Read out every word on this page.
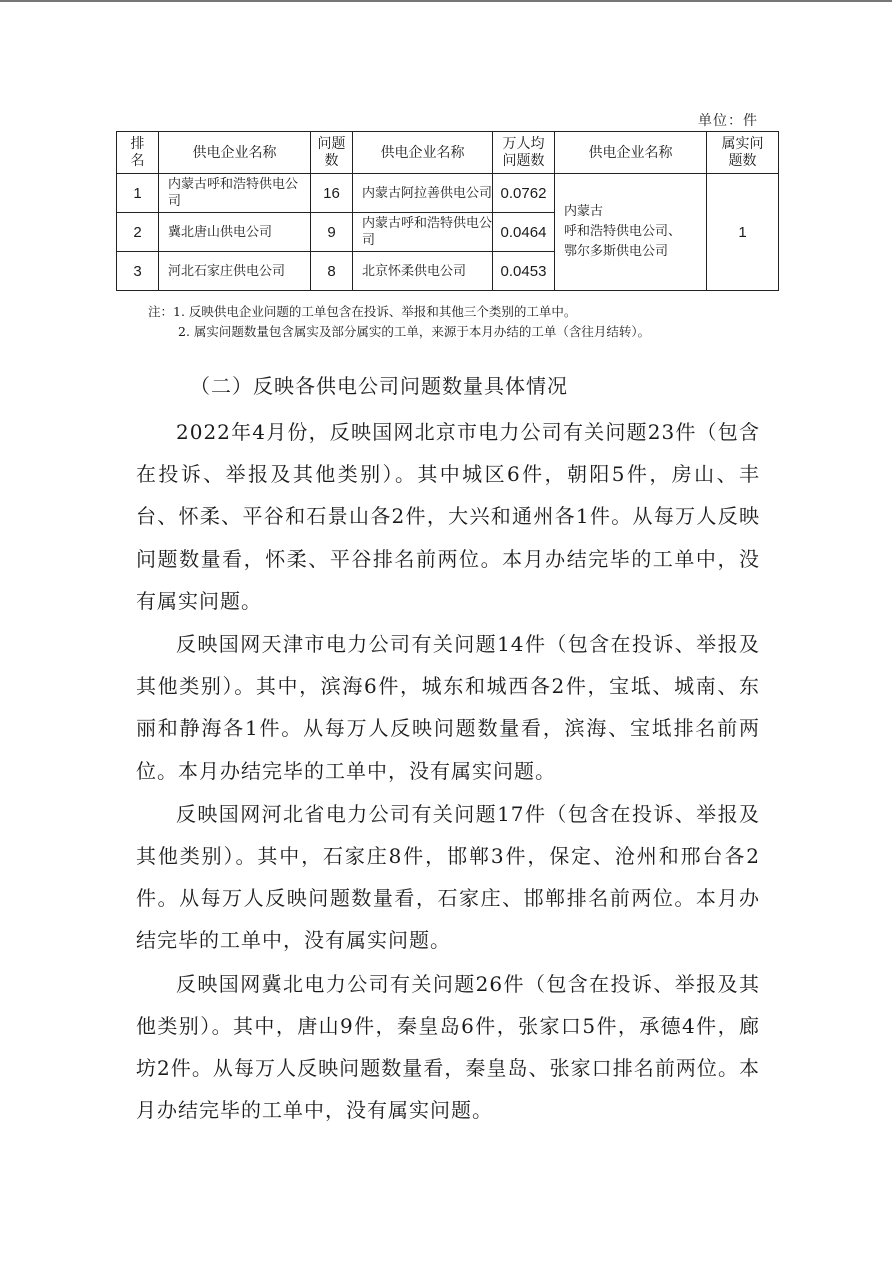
单位：件
排名	供电企业名称	问题数	供电企业名称	万人均问题数	供电企业名称	属实问题数
1	内蒙古呼和浩特供电公司	16	内蒙古阿拉善供电公司	0.0762	内蒙古
呼和浩特供电公司、
鄂尔多斯供电公司	1
2	冀北唐山供电公司	9	内蒙古呼和浩特供电公司	0.0464		
3	河北石家庄供电公司	8	北京怀柔供电公司	0.0453		
注：1. 反映供电企业问题的工单包含在投诉、举报和其他三个类别的工单中。
2. 属实问题数量包含属实及部分属实的工单，来源于本月办结的工单（含往月结转）。
（二）反映各供电公司问题数量具体情况

2022年4月份，反映国网北京市电力公司有关问题23件（包含在投诉、举报及其他类别）。其中城区6件，朝阳5件，房山、丰台、怀柔、平谷和石景山各2件，大兴和通州各1件。从每万人反映问题数量看，怀柔、平谷排名前两位。本月办结完毕的工单中，没有属实问题。

反映国网天津市电力公司有关问题14件（包含在投诉、举报及其他类别）。其中，滨海6件，城东和城西各2件，宝坻、城南、东丽和静海各1件。从每万人反映问题数量看，滨海、宝坻排名前两位。本月办结完毕的工单中，没有属实问题。

反映国网河北省电力公司有关问题17件（包含在投诉、举报及其他类别）。其中，石家庄8件，邯郸3件，保定、沧州和邢台各2件。从每万人反映问题数量看，石家庄、邯郸排名前两位。本月办结完毕的工单中，没有属实问题。

反映国网冀北电力公司有关问题26件（包含在投诉、举报及其他类别）。其中，唐山9件，秦皇岛6件，张家口5件，承德4件，廊坊2件。从每万人反映问题数量看，秦皇岛、张家口排名前两位。本月办结完毕的工单中，没有属实问题。
